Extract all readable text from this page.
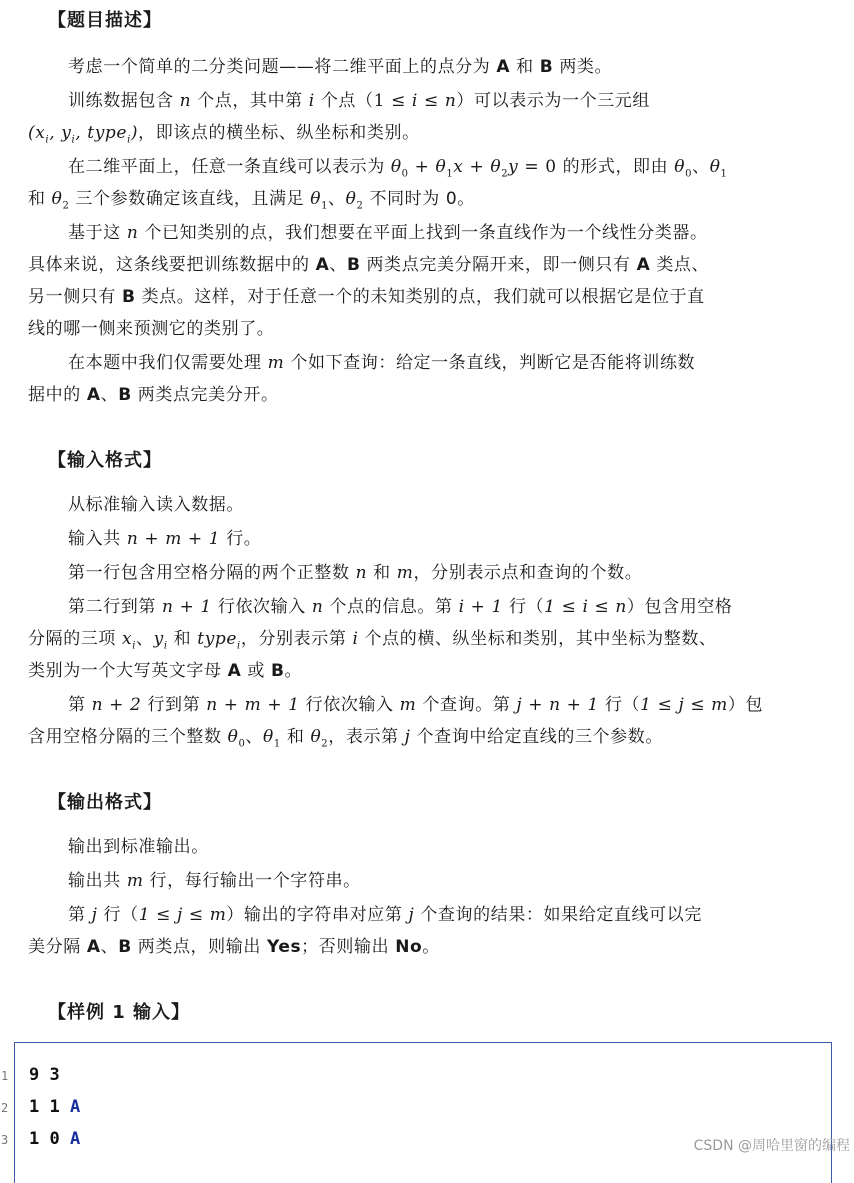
【题目描述】
考虑一个简单的二分类问题——将二维平面上的点分为 A 和 B 两类。
训练数据包含 n 个点，其中第 i 个点（1 ≤ i ≤ n）可以表示为一个三元组
($x_i$, $y_i$, type$_i$)，即该点的横坐标、纵坐标和类别。
在二维平面上，任意一条直线可以表示为 $\theta_0 + \theta_1x + \theta_2y = 0$ 的形式，即由 $\theta_0$、$\theta_1$
和 $\theta_2$ 三个参数确定该直线，且满足 $\theta_1$、$\theta_2$ 不同时为 0。
基于这 n 个已知类别的点，我们想要在平面上找到一条直线作为一个线性分类器。
具体来说，这条线要把训练数据中的 A、B 两类点完美分隔开来，即一侧只有 A 类点、
另一侧只有 B 类点。这样，对于任意一个的未知类别的点，我们就可以根据它是位于直
线的哪一侧来预测它的类别了。
在本题中我们仅需要处理 m 个如下查询：给定一条直线，判断它是否能将训练数
据中的 A、B 两类点完美分开。
【输入格式】
从标准输入读入数据。
输入共 n + m + 1 行。
第一行包含用空格分隔的两个正整数 n 和 m，分别表示点和查询的个数。
第二行到第 n + 1 行依次输入 n 个点的信息。第 i + 1 行（1 ≤ i ≤ n）包含用空格
分隔的三项 $x_i$、$y_i$ 和 type$_i$，分别表示第 i 个点的横、纵坐标和类别，其中坐标为整数、
类别为一个大写英文字母 A 或 B。
第 n + 2 行到第 n + m + 1 行依次输入 m 个查询。第 j + n + 1 行（1 ≤ j ≤ m）包
含用空格分隔的三个整数 $\theta_0$、$\theta_1$ 和 $\theta_2$，表示第 j 个查询中给定直线的三个参数。
【输出格式】
输出到标准输出。
输出共 m 行，每行输出一个字符串。
第 j 行（1 ≤ j ≤ m）输出的字符串对应第 j 个查询的结果：如果给定直线可以完
美分隔 A、B 两类点，则输出 Yes；否则输出 No。
【样例 1 输入】
1
2
3
9 3
1 1 A
1 0 A	CSDN @周哈里窗的编程
